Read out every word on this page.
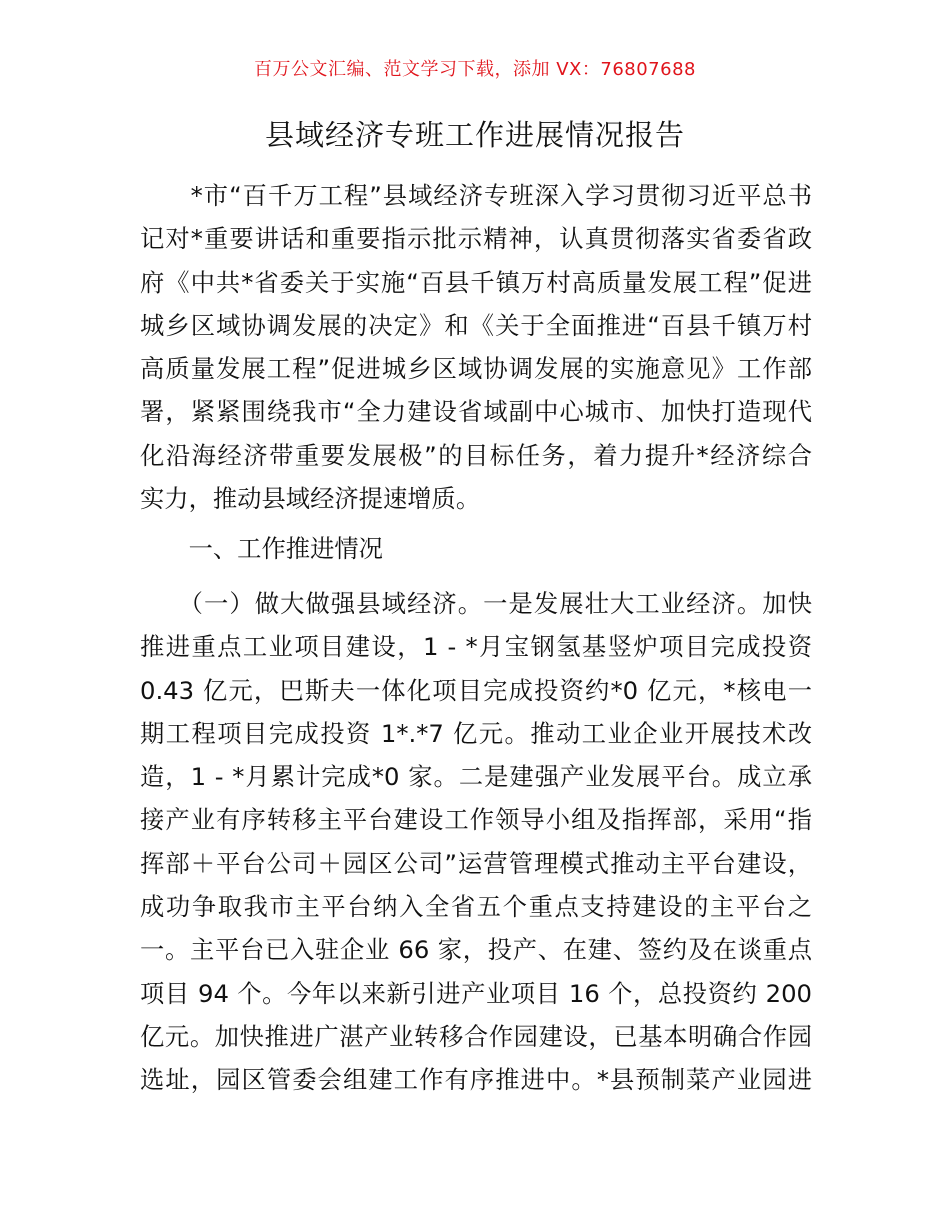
百万公文汇编、范文学习下载，添加 VX：76807688
县域经济专班工作进展情况报告
　　*市“百千万工程”县域经济专班深入学习贯彻习近平总书
记对*重要讲话和重要指示批示精神，认真贯彻落实省委省政
府《中共*省委关于实施“百县千镇万村高质量发展工程”促进
城乡区域协调发展的决定》和《关于全面推进“百县千镇万村
高质量发展工程”促进城乡区域协调发展的实施意见》工作部
署，紧紧围绕我市“全力建设省域副中心城市、加快打造现代
化沿海经济带重要发展极”的目标任务，着力提升*经济综合
实力，推动县域经济提速增质。
　　一、工作推进情况
　　（一）做大做强县域经济。一是发展壮大工业经济。加快
推进重点工业项目建设，1 - *月宝钢氢基竖炉项目完成投资
0.43 亿元，巴斯夫一体化项目完成投资约*0 亿元，*核电一
期工程项目完成投资 1*.*7 亿元。推动工业企业开展技术改
造，1 - *月累计完成*0 家。二是建强产业发展平台。成立承
接产业有序转移主平台建设工作领导小组及指挥部，采用“指
挥部＋平台公司＋园区公司”运营管理模式推动主平台建设，
成功争取我市主平台纳入全省五个重点支持建设的主平台之
一。主平台已入驻企业 66 家，投产、在建、签约及在谈重点
项目 94 个。今年以来新引进产业项目 16 个，总投资约 200
亿元。加快推进广湛产业转移合作园建设，已基本明确合作园
选址，园区管委会组建工作有序推进中。*县预制菜产业园进
